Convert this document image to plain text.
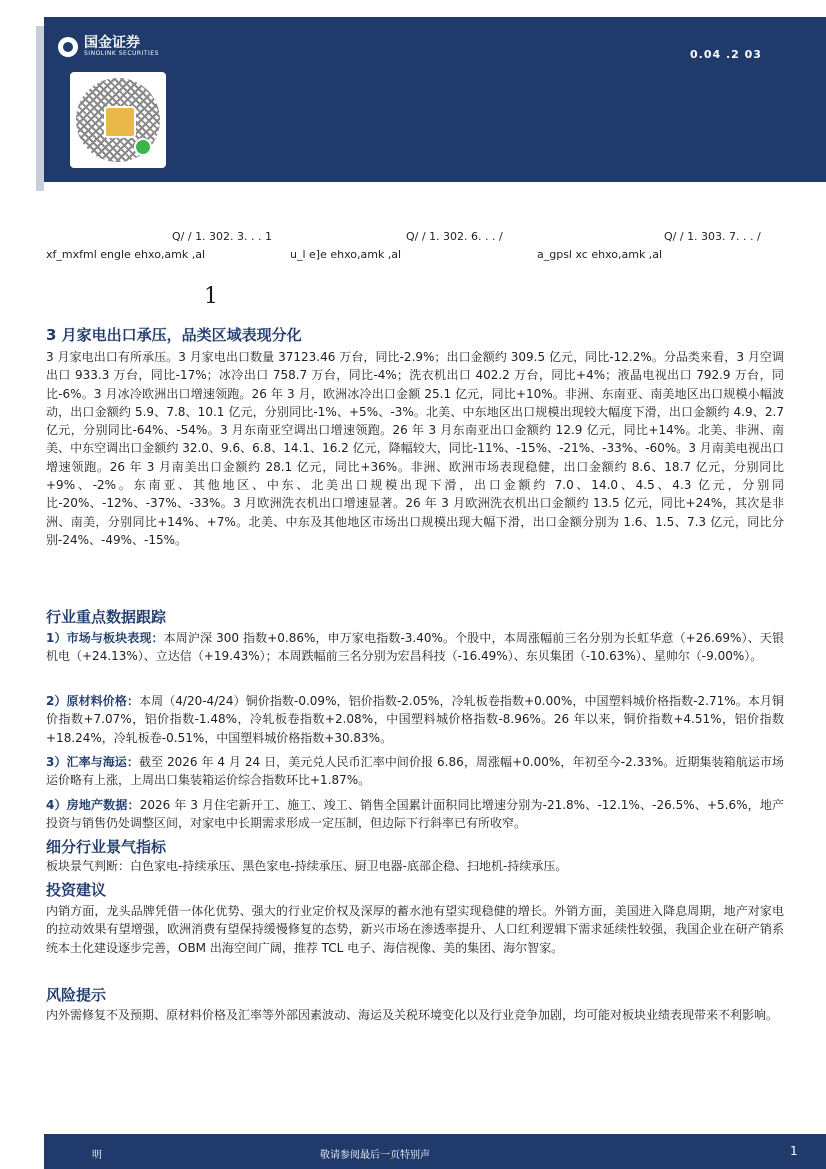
国金证券
SINOLINK SECURITIES	0.04 .2 03
Q/ / 1. 302. 3. . . 1
xf_mxfml engle ehxo,amk ,al
Q/ / 1. 302. 6. . . /
u_l e]e ehxo,amk ,al
Q/ / 1. 303. 7. . . /
a_gpsl xc ehxo,amk ,al
1
3 月家电出口承压，品类区域表现分化
3 月家电出口有所承压。3 月家电出口数量 37123.46 万台，同比-2.9%；出口金额约 309.5 亿元，同比-12.2%。分品类来看，3 月空调出口 933.3 万台，同比-17%；冰冷出口 758.7 万台，同比-4%；洗衣机出口 402.2 万台，同比+4%；液晶电视出口 792.9 万台，同比-6%。3 月冰冷欧洲出口增速领跑。26 年 3 月，欧洲冰冷出口金额 25.1 亿元，同比+10%。非洲、东南亚、南美地区出口规模小幅波动，出口金额约 5.9、7.8、10.1 亿元，分别同比-1%、+5%、-3%。北美、中东地区出口规模出现较大幅度下滑，出口金额约 4.9、2.7 亿元，分别同比-64%、-54%。3 月东南亚空调出口增速领跑。26 年 3 月东南亚出口金额约 12.9 亿元，同比+14%。北美、非洲、南美、中东空调出口金额约 32.0、9.6、6.8、14.1、16.2 亿元，降幅较大，同比-11%、-15%、-21%、-33%、-60%。3 月南美电视出口增速领跑。26 年 3 月南美出口金额约 28.1 亿元，同比+36%。非洲、欧洲市场表现稳健，出口金额约 8.6、18.7 亿元，分别同比+9%、-2%。东南亚、其他地区、中东、北美出口规模出现下滑，出口金额约 7.0、14.0、4.5、4.3 亿元，分别同比-20%、-12%、-37%、-33%。3 月欧洲洗衣机出口增速显著。26 年 3 月欧洲洗衣机出口金额约 13.5 亿元，同比+24%，其次是非洲、南美，分别同比+14%、+7%。北美、中东及其他地区市场出口规模出现大幅下滑，出口金额分别为 1.6、1.5、7.3 亿元，同比分别-24%、-49%、-15%。
行业重点数据跟踪
1）市场与板块表现：本周沪深 300 指数+0.86%，申万家电指数-3.40%。个股中，本周涨幅前三名分别为长虹华意（+26.69%）、天银机电（+24.13%）、立达信（+19.43%）；本周跌幅前三名分别为宏昌科技（-16.49%）、东贝集团（-10.63%）、星帅尔（-9.00%）。
2）原材料价格：本周（4/20-4/24）铜价指数-0.09%，铝价指数-2.05%，冷轧板卷指数+0.00%，中国塑料城价格指数-2.71%。本月铜价指数+7.07%，铝价指数-1.48%，冷轧板卷指数+2.08%，中国塑料城价格指数-8.96%。26 年以来，铜价指数+4.51%，铝价指数+18.24%，冷轧板卷-0.51%，中国塑料城价格指数+30.83%。
3）汇率与海运：截至 2026 年 4 月 24 日，美元兑人民币汇率中间价报 6.86，周涨幅+0.00%，年初至今-2.33%。近期集装箱航运市场运价略有上涨，上周出口集装箱运价综合指数环比+1.87%。
4）房地产数据：2026 年 3 月住宅新开工、施工、竣工、销售全国累计面积同比增速分别为-21.8%、-12.1%、-26.5%、+5.6%，地产投资与销售仍处调整区间，对家电中长期需求形成一定压制，但边际下行斜率已有所收窄。
细分行业景气指标
板块景气判断：白色家电-持续承压、黑色家电-持续承压、厨卫电器-底部企稳、扫地机-持续承压。
投资建议
内销方面，龙头品牌凭借一体化优势、强大的行业定价权及深厚的蓄水池有望实现稳健的增长。外销方面，美国进入降息周期，地产对家电的拉动效果有望增强，欧洲消费有望保持缓慢修复的态势，新兴市场在渗透率提升、人口红利逻辑下需求延续性较强，我国企业在研产销系统本土化建设逐步完善，OBM 出海空间广阔，推荐 TCL 电子、海信视像、美的集团、海尔智家。
风险提示
内外需修复不及预期、原材料价格及汇率等外部因素波动、海运及关税环境变化以及行业竞争加剧，均可能对板块业绩表现带来不利影响。
明	敬请参阅最后一页特别声	1
